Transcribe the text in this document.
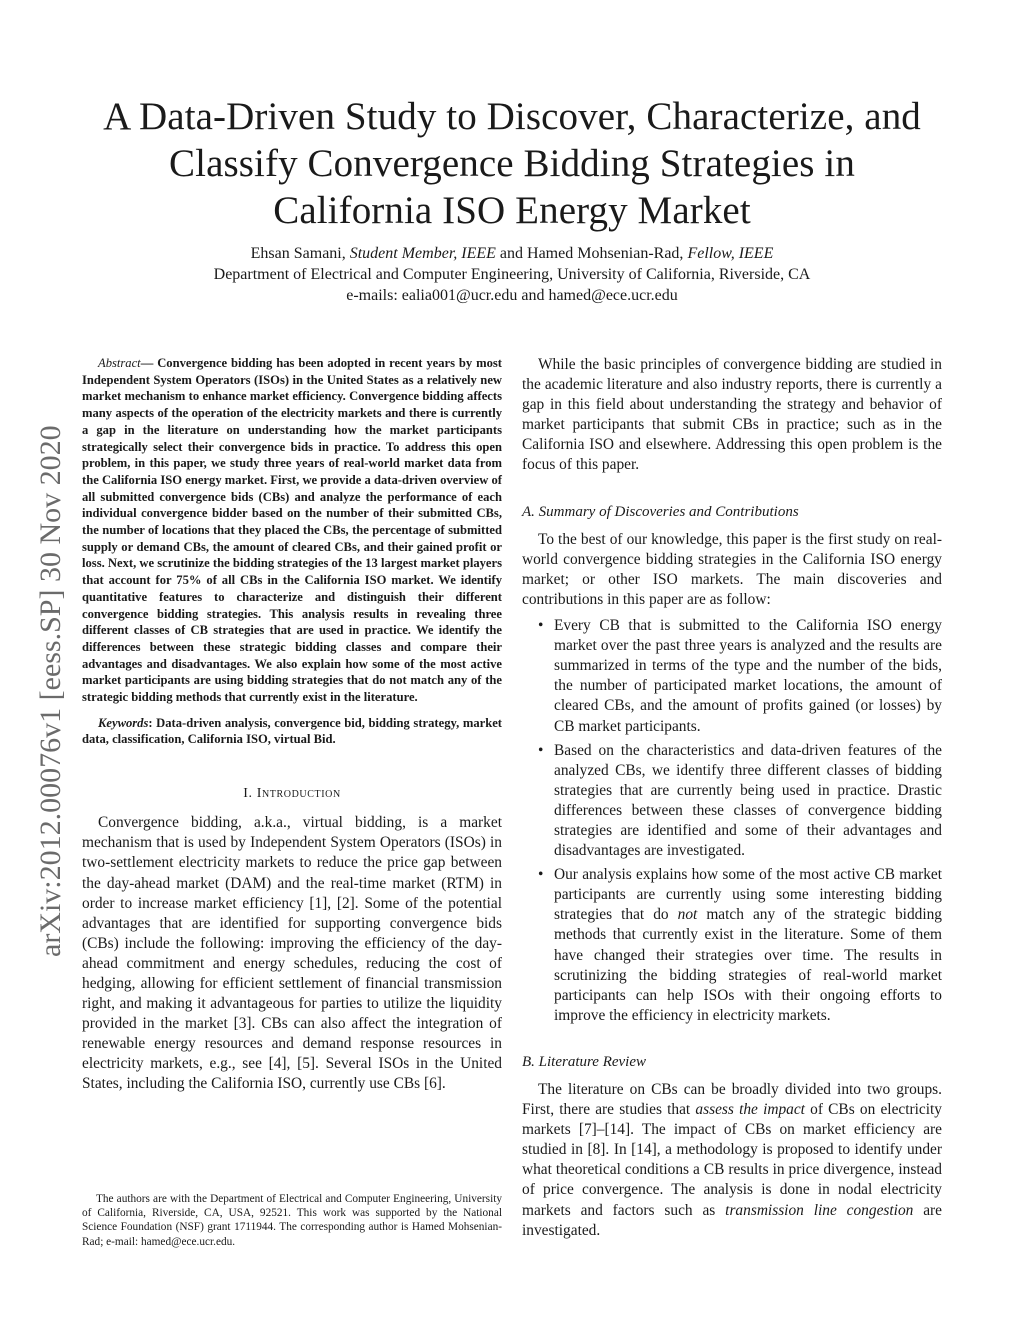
A Data-Driven Study to Discover, Characterize, and
Classify Convergence Bidding Strategies in
California ISO Energy Market
Ehsan Samani, Student Member, IEEE and Hamed Mohsenian-Rad, Fellow, IEEE
Department of Electrical and Computer Engineering, University of California, Riverside, CA
e-mails: ealia001@ucr.edu and hamed@ece.ucr.edu
arXiv:2012.00076v1 [eess.SP] 30 Nov 2020

Abstract— Convergence bidding has been adopted in recent years by most Independent System Operators (ISOs) in the United States as a relatively new market mechanism to enhance market efficiency. Convergence bidding affects many aspects of the operation of the electricity markets and there is currently a gap in the literature on understanding how the market participants strategically select their convergence bids in practice. To address this open problem, in this paper, we study three years of real-world market data from the California ISO energy market. First, we provide a data-driven overview of all submitted convergence bids (CBs) and analyze the performance of each individual convergence bidder based on the number of their submitted CBs, the number of locations that they placed the CBs, the percentage of submitted supply or demand CBs, the amount of cleared CBs, and their gained profit or loss. Next, we scrutinize the bidding strategies of the 13 largest market players that account for 75% of all CBs in the California ISO market. We identify quantitative features to characterize and distinguish their different convergence bidding strategies. This analysis results in revealing three different classes of CB strategies that are used in practice. We identify the differences between these strategic bidding classes and compare their advantages and disadvantages. We also explain how some of the most active market participants are using bidding strategies that do not match any of the strategic bidding methods that currently exist in the literature.

Keywords: Data-driven analysis, convergence bid, bidding strategy, market data, classification, California ISO, virtual Bid.

I. Introduction

Convergence bidding, a.k.a., virtual bidding, is a market mechanism that is used by Independent System Operators (ISOs) in two-settlement electricity markets to reduce the price gap between the day-ahead market (DAM) and the real-time market (RTM) in order to increase market efficiency [1], [2]. Some of the potential advantages that are identified for supporting convergence bids (CBs) include the following: improving the efficiency of the day-ahead commitment and energy schedules, reducing the cost of hedging, allowing for efficient settlement of financial transmission right, and making it advantageous for parties to utilize the liquidity provided in the market [3]. CBs can also affect the integration of renewable energy resources and demand response resources in electricity markets, e.g., see [4], [5]. Several ISOs in the United States, including the California ISO, currently use CBs [6].

The authors are with the Department of Electrical and Computer Engineering, University of California, Riverside, CA, USA, 92521. This work was supported by the National Science Foundation (NSF) grant 1711944. The corresponding author is Hamed Mohsenian-Rad; e-mail: hamed@ece.ucr.edu.

While the basic principles of convergence bidding are studied in the academic literature and also industry reports, there is currently a gap in this field about understanding the strategy and behavior of market participants that submit CBs in practice; such as in the California ISO and elsewhere. Addressing this open problem is the focus of this paper.

A. Summary of Discoveries and Contributions

To the best of our knowledge, this paper is the first study on real-world convergence bidding strategies in the California ISO energy market; or other ISO markets. The main discoveries and contributions in this paper are as follow:

• Every CB that is submitted to the California ISO energy market over the past three years is analyzed and the results are summarized in terms of the type and the number of the bids, the number of participated market locations, the amount of cleared CBs, and the amount of profits gained (or losses) by CB market participants.
• Based on the characteristics and data-driven features of the analyzed CBs, we identify three different classes of bidding strategies that are currently being used in practice. Drastic differences between these classes of convergence bidding strategies are identified and some of their advantages and disadvantages are investigated.
• Our analysis explains how some of the most active CB market participants are currently using some interesting bidding strategies that do not match any of the strategic bidding methods that currently exist in the literature. Some of them have changed their strategies over time. The results in scrutinizing the bidding strategies of real-world market participants can help ISOs with their ongoing efforts to improve the efficiency in electricity markets.
B. Literature Review

The literature on CBs can be broadly divided into two groups. First, there are studies that assess the impact of CBs on electricity markets [7]–[14]. The impact of CBs on market efficiency are studied in [8]. In [14], a methodology is proposed to identify under what theoretical conditions a CB results in price divergence, instead of price convergence. The analysis is done in nodal electricity markets and factors such as transmission line congestion are investigated.
